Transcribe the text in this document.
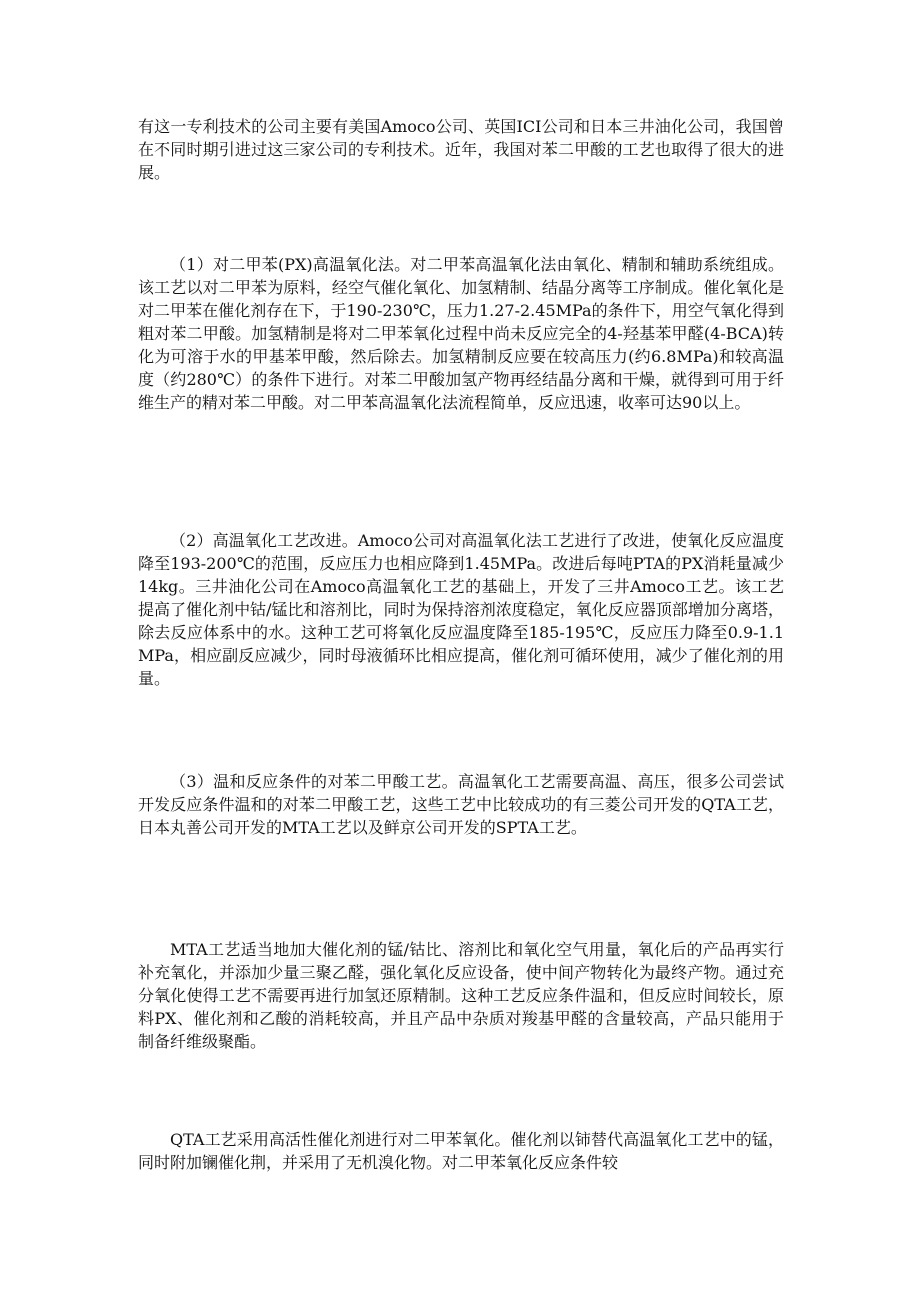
有这一专利技术的公司主要有美国Amoco公司、英国ICI公司和日本三井油化公司，我国曾在不同时期引进过这三家公司的专利技术。近年，我国对苯二甲酸的工艺也取得了很大的进展。

（1）对二甲苯(PX)高温氧化法。对二甲苯高温氧化法由氧化、精制和辅助系统组成。该工艺以对二甲苯为原料，经空气催化氧化、加氢精制、结晶分离等工序制成。催化氧化是对二甲苯在催化剂存在下，于190-230℃，压力1.27-2.45MPa的条件下，用空气氧化得到粗对苯二甲酸。加氢精制是将对二甲苯氧化过程中尚未反应完全的4-羟基苯甲醛(4-BCA)转化为可溶于水的甲基苯甲酸，然后除去。加氢精制反应要在较高压力(约6.8MPa)和较高温度（约280℃）的条件下进行。对苯二甲酸加氢产物再经结晶分离和干燥，就得到可用于纤维生产的精对苯二甲酸。对二甲苯高温氧化法流程简单，反应迅速，收率可达90以上。

（2）高温氧化工艺改进。Amoco公司对高温氧化法工艺进行了改进，使氧化反应温度降至193-200℃的范围，反应压力也相应降到1.45MPa。改进后每吨PTA的PX消耗量减少14kg。三井油化公司在Amoco高温氧化工艺的基础上，开发了三井Amoco工艺。该工艺提高了催化剂中钴/锰比和溶剂比，同时为保持溶剂浓度稳定，氧化反应器顶部增加分离塔，除去反应体系中的水。这种工艺可将氧化反应温度降至185-195℃，反应压力降至0.9-1.1MPa，相应副反应减少，同时母液循环比相应提高，催化剂可循环使用，减少了催化剂的用量。

（3）温和反应条件的对苯二甲酸工艺。高温氧化工艺需要高温、高压，很多公司尝试开发反应条件温和的对苯二甲酸工艺，这些工艺中比较成功的有三菱公司开发的QTA工艺，日本丸善公司开发的MTA工艺以及鲜京公司开发的SPTA工艺。

MTA工艺适当地加大催化剂的锰/钴比、溶剂比和氧化空气用量，氧化后的产品再实行补充氧化，并添加少量三聚乙醛，强化氧化反应设备，使中间产物转化为最终产物。通过充分氧化使得工艺不需要再进行加氢还原精制。这种工艺反应条件温和，但反应时间较长，原料PX、催化剂和乙酸的消耗较高，并且产品中杂质对羧基甲醛的含量较高，产品只能用于制备纤维级聚酯。

QTA工艺采用高活性催化剂进行对二甲苯氧化。催化剂以铈替代高温氧化工艺中的锰，同时附加镧催化荆，并采用了无机溴化物。对二甲苯氧化反应条件较
